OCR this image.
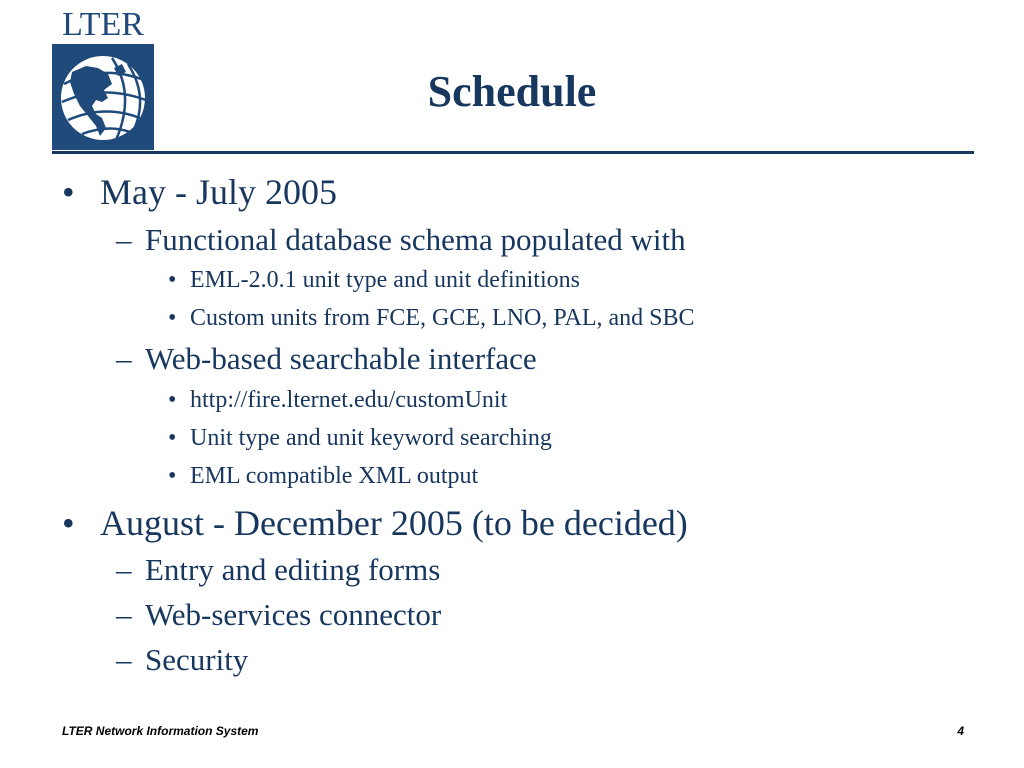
LTER
Schedule
• May - July 2005
– Functional database schema populated with
• EML-2.0.1 unit type and unit definitions
• Custom units from FCE, GCE, LNO, PAL, and SBC
– Web-based searchable interface
• http://fire.lternet.edu/customUnit
• Unit type and unit keyword searching
• EML compatible XML output
• August - December 2005 (to be decided)
– Entry and editing forms
– Web-services connector
– Security
LTER Network Information System	4
